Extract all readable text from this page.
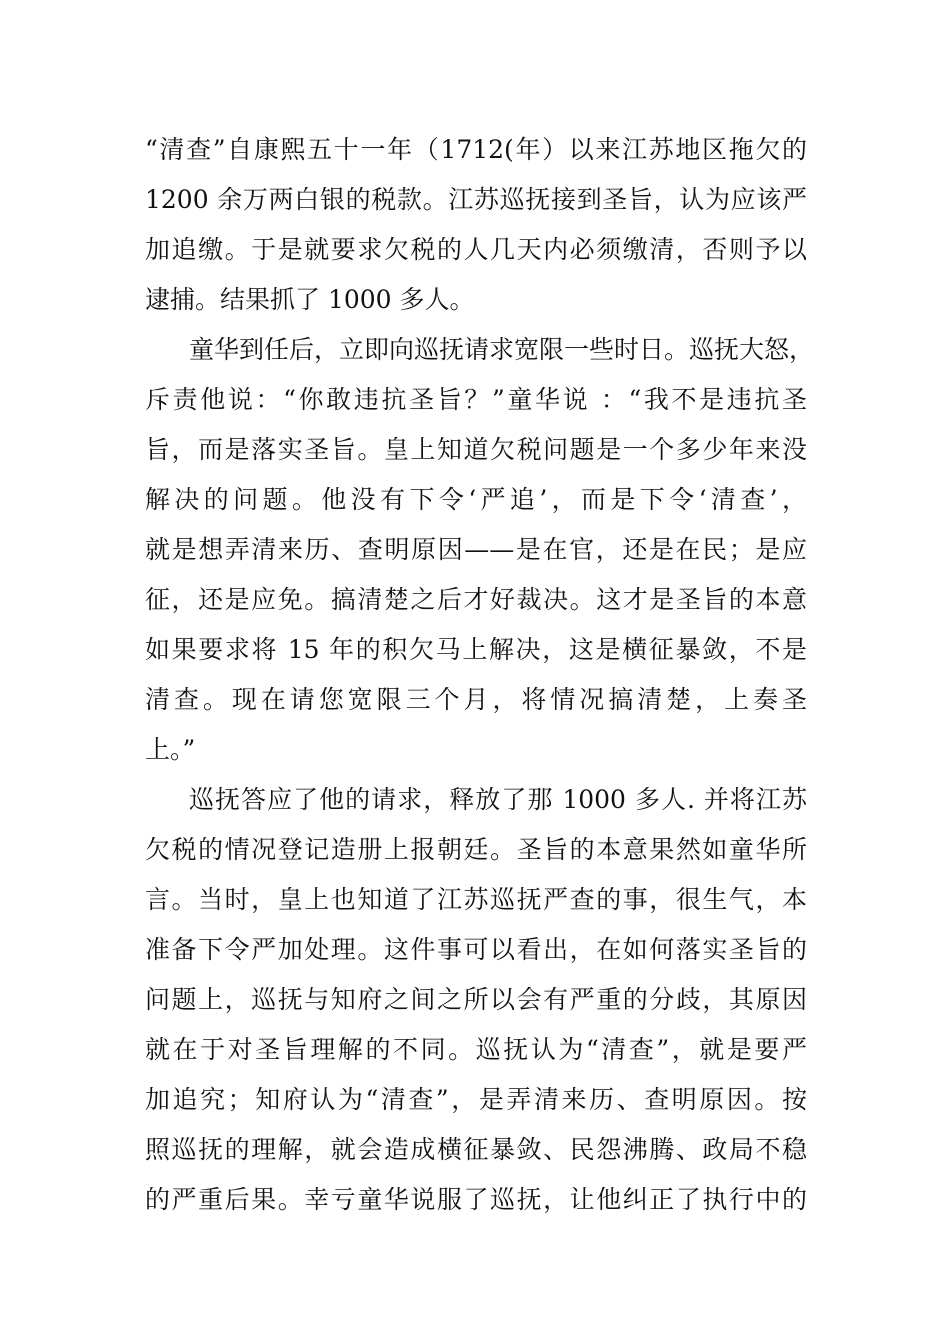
“清查”自康熙五十一年（1712(年）以来江苏地区拖欠的
1200 余万两白银的税款。江苏巡抚接到圣旨，认为应该严
加追缴。于是就要求欠税的人几天内必须缴清，否则予以
逮捕。结果抓了 1000 多人。
童华到任后，立即向巡抚请求宽限一些时日。巡抚大怒，
斥责他说：“你敢违抗圣旨？”童华说 ：“我不是违抗圣
旨，而是落实圣旨。皇上知道欠税问题是一个多少年来没
解决的问题。他没有下令‘严追’，而是下令‘清查’，
就是想弄清来历、查明原因——是在官，还是在民；是应
征，还是应免。搞清楚之后才好裁决。这才是圣旨的本意
如果要求将 15 年的积欠马上解决，这是横征暴敛，不是
清查。现在请您宽限三个月，将情况搞清楚，上奏圣
上。”
巡抚答应了他的请求，释放了那 1000 多人. 并将江苏
欠税的情况登记造册上报朝廷。圣旨的本意果然如童华所
言。当时，皇上也知道了江苏巡抚严查的事，很生气，本
准备下令严加处理。这件事可以看出，在如何落实圣旨的
问题上，巡抚与知府之间之所以会有严重的分歧，其原因
就在于对圣旨理解的不同。巡抚认为“清查”，就是要严
加追究；知府认为“清查”，是弄清来历、查明原因。按
照巡抚的理解，就会造成横征暴敛、民怨沸腾、政局不稳
的严重后果。幸亏童华说服了巡抚，让他纠正了执行中的
